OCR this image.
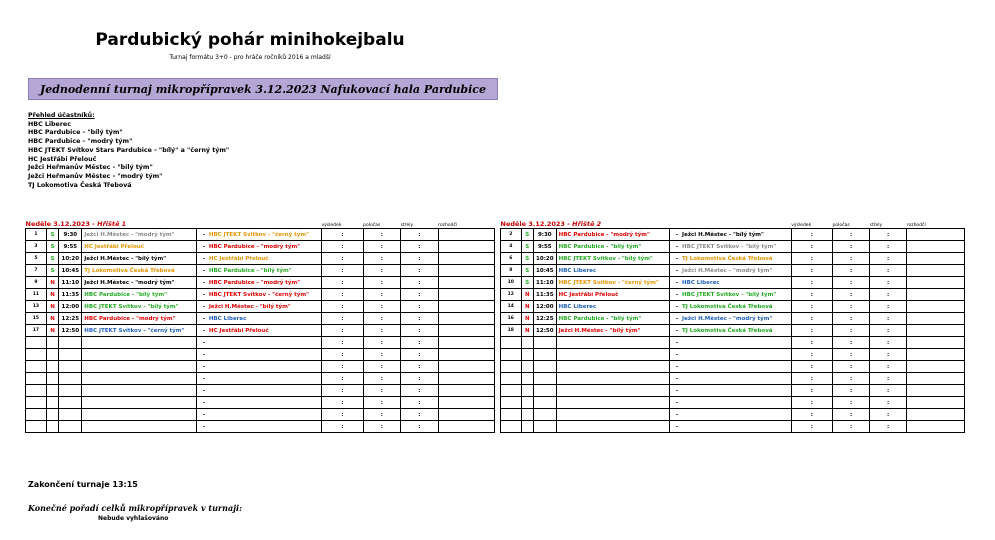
Pardubický pohár minihokejbalu
Turnaj formátu 3+0 - pro hráče ročníků 2016 a mladší
Jednodenní turnaj mikropřípravek 3.12.2023 Nafukovací hala Pardubice
Přehled účastníků:
HBC Liberec
HBC Pardubice - "bílý tým"
HBC Pardubice - "modrý tým"
HBC JTEKT Svítkov Stars Pardubice - "bílý" a "černý tým"
HC Jestřábi Přelouč
Ježci Heřmanův Městec - "bílý tým"
Ježci Heřmanův Městec - "modrý tým"
TJ Lokomotiva Česká Třebová
Neděle 3.12.2023 - Hřiště 1					výsledek	poločas	střely	rozhodčí
1	S	9:30	Ježci H.Městec - "modrý tým"	- HBC JTEKT Svítkov - "černý tým"	:	:	:	
3	S	9:55	HC Jestřábi Přelouč	- HBC Pardubice - "modrý tým"	:	:	:	
5	S	10:20	Ježci H.Městec - "bílý tým"	- HC Jestřábi Přelouč	:	:	:	
7	S	10:45	TJ Lokomotiva Česká Třebová	- HBC Pardubice - "bílý tým"	:	:	:	
9	N	11:10	Ježci H.Městec - "modrý tým"	- HBC Pardubice - "modrý tým"	:	:	:	
11	N	11:35	HBC Pardubice - "bílý tým"	- HBC JTEKT Svítkov - "černý tým"	:	:	:	
13	N	12:00	HBC JTEKT Svítkov - "bílý tým"	- Ježci H.Městec - "bílý tým"	:	:	:	
15	N	12:25	HBC Pardubice - "modrý tým"	- HBC Liberec	:	:	:	
17	N	12:50	HBC JTEKT Svítkov - "černý tým"	- HC Jestřábi Přelouč	:	:	:	
				-	:	:	:	
				-	:	:	:	
				-	:	:	:	
				-	:	:	:	
				-	:	:	:	
				-	:	:	:	
				-	:	:	:	
				-	:	:	:	
Neděle 3.12.2023 - Hřiště 2					výsledek	poločas	střely	rozhodčí
2	S	9:30	HBC Pardubice - "modrý tým"	- Ježci H.Městec - "bílý tým"	:	:	:	
4	S	9:55	HBC Pardubice - "bílý tým"	- HBC JTEKT Svítkov - "bílý tým"	:	:	:	
6	S	10:20	HBC JTEKT Svítkov - "bílý tým"	- TJ Lokomotiva Česká Třebová	:	:	:	
8	S	10:45	HBC Liberec	- Ježci H.Městec - "modrý tým"	:	:	:	
10	S	11:10	HBC JTEKT Svítkov - "černý tým"	- HBC Liberec	:	:	:	
12	N	11:35	HC Jestřábi Přelouč	- HBC JTEKT Svítkov - "bílý tým"	:	:	:	
14	N	12:00	HBC Liberec	- TJ Lokomotiva Česká Třebová	:	:	:	
16	N	12:25	HBC Pardubice - "bílý tým"	- Ježci H.Městec - "modrý tým"	:	:	:	
18	N	12:50	Ježci H.Městec - "bílý tým"	- TJ Lokomotiva Česká Třebová	:	:	:	
				-	:	:	:	
				-	:	:	:	
				-	:	:	:	
				-	:	:	:	
				-	:	:	:	
				-	:	:	:	
				-	:	:	:	
				-	:	:	:	
Zakončení turnaje 13:15
Konečné pořadí celků mikropřípravek v turnaji:
Nebude vyhlašováno
